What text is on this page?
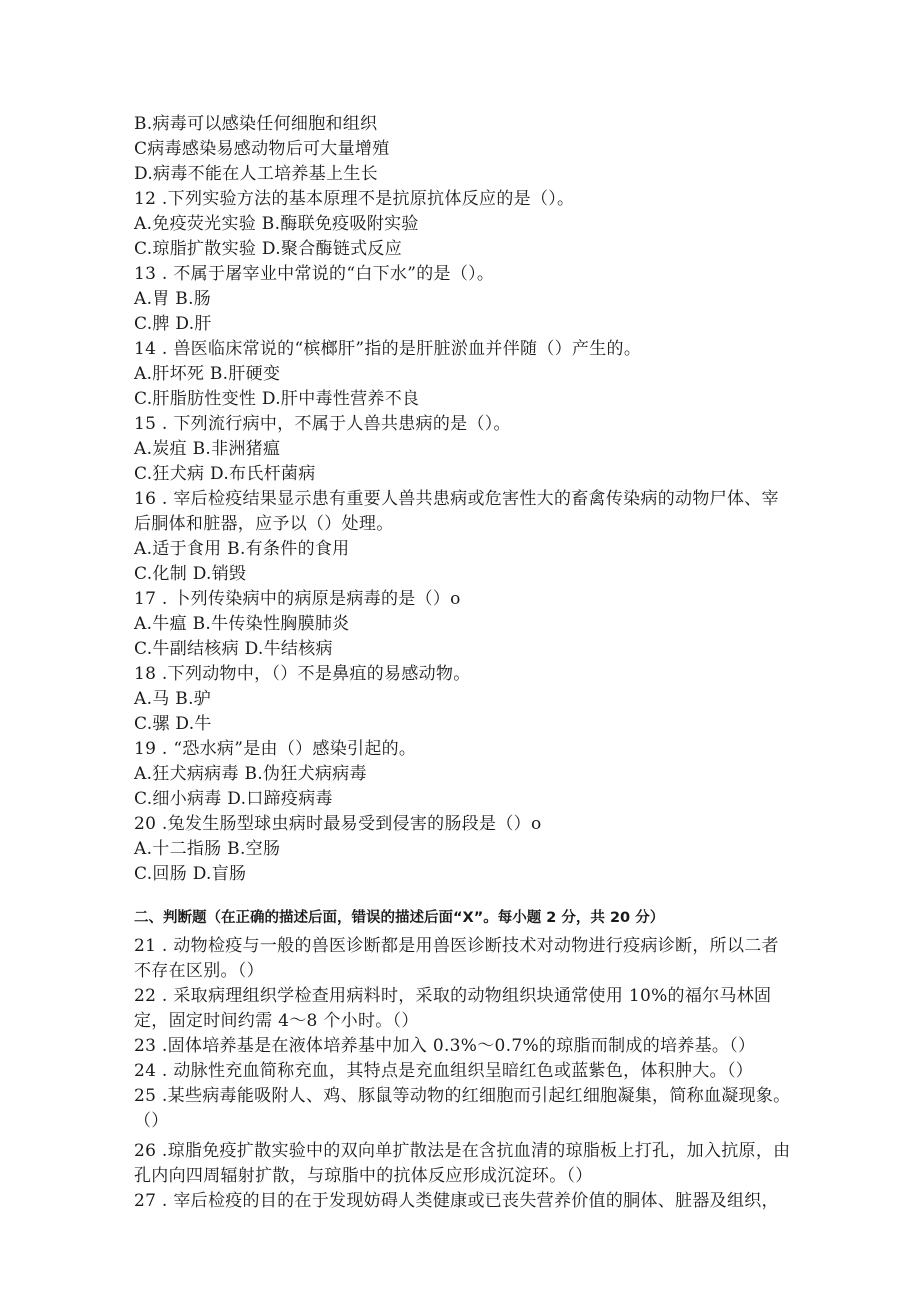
B.病毒可以感染任何细胞和组织
C病毒感染易感动物后可大量增殖
D.病毒不能在人工培养基上生长
12 .下列实验方法的基本原理不是抗原抗体反应的是（）。
A.免疫荧光实验 B.酶联免疫吸附实验
C.琼脂扩散实验 D.聚合酶链式反应
13 . 不属于屠宰业中常说的“白下水”的是（）。
A.胃 B.肠
C.脾 D.肝
14 . 兽医临床常说的“槟榔肝”指的是肝脏淤血并伴随（）产生的。
A.肝坏死 B.肝硬变
C.肝脂肪性变性 D.肝中毒性营养不良
15 . 下列流行病中，不属于人兽共患病的是（）。
A.炭疽 B.非洲猪瘟
C.狂犬病 D.布氏杆菌病
16 . 宰后检疫结果显示患有重要人兽共患病或危害性大的畜禽传染病的动物尸体、宰
后胴体和脏器，应予以（）处理。
A.适于食用 B.有条件的食用
C.化制 D.销毁
17 . 卜列传染病中的病原是病毒的是（）o
A.牛瘟 B.牛传染性胸膜肺炎
C.牛副结核病 D.牛结核病
18 .下列动物中，（）不是鼻疽的易感动物。
A.马 B.驴
C.骡 D.牛
19 . “恐水病”是由（）感染引起的。
A.狂犬病病毒 B.伪狂犬病病毒
C.细小病毒 D.口蹄疫病毒
20 .兔发生肠型球虫病时最易受到侵害的肠段是（）o
A.十二指肠 B.空肠
C.回肠 D.盲肠
二、判断题（在正确的描述后面，错误的描述后面“X”。每小题 2 分，共 20 分）
21 . 动物检疫与一般的兽医诊断都是用兽医诊断技术对动物进行疫病诊断，所以二者
不存在区别。（）
22 . 采取病理组织学检查用病料时，采取的动物组织块通常使用 10%的福尔马林固
定，固定时间约需 4～8 个小时。（）
23 .固体培养基是在液体培养基中加入 0.3%～0.7%的琼脂而制成的培养基。（）
24 . 动脉性充血简称充血，其特点是充血组织呈暗红色或蓝紫色，体积肿大。（）
25 .某些病毒能吸附人、鸡、豚鼠等动物的红细胞而引起红细胞凝集，简称血凝现象。
（）
26 .琼脂免疫扩散实验中的双向单扩散法是在含抗血清的琼脂板上打孔，加入抗原，由
孔内向四周辐射扩散，与琼脂中的抗体反应形成沉淀环。（）
27 . 宰后检疫的目的在于发现妨碍人类健康或已丧失营养价值的胴体、脏器及组织，
